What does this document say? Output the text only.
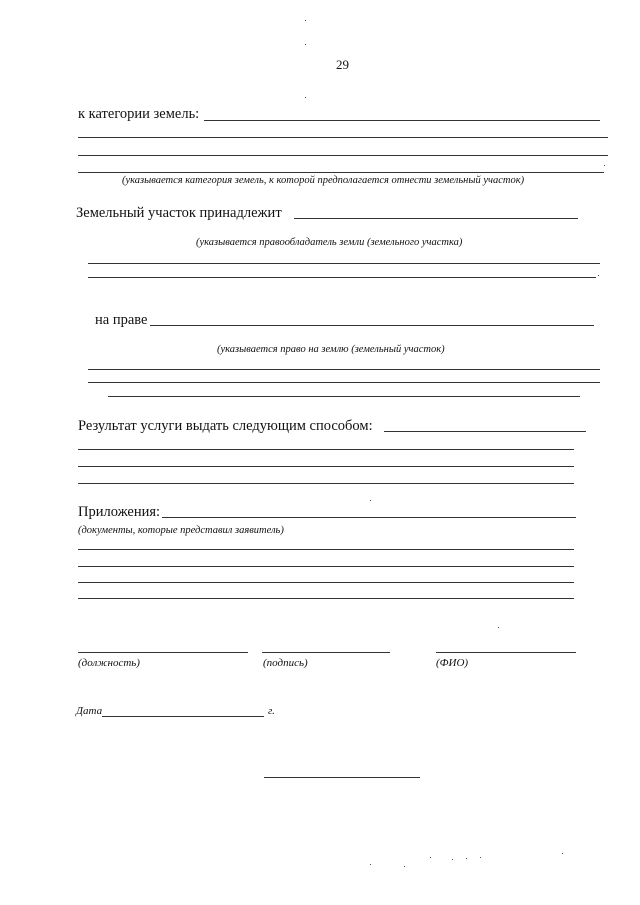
29
к категории земель:
(указывается категория земель, к которой предполагается отнести земельный участок)
Земельный участок принадлежит
(указывается правообладатель земли (земельного участка)
на праве
(указывается право на землю (земельный участок)
Результат услуги выдать следующим способом:
Приложения:
(документы, которые представил заявитель)
(должность)	(подпись)	(ФИО)
Дата	г.
